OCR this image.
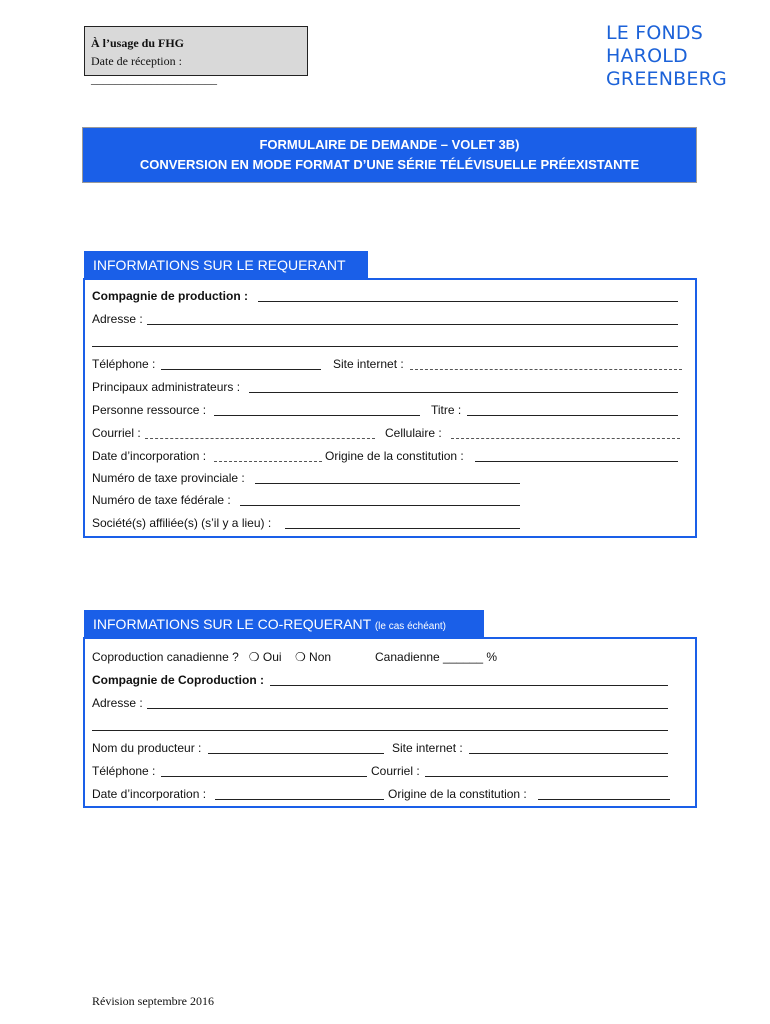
À l’usage du FHG
Date de réception : _____________________
LE FONDS
HAROLD
GREENBERG
FORMULAIRE DE DEMANDE – VOLET 3B)
CONVERSION EN MODE FORMAT D’UNE SÉRIE TÉLÉVISUELLE PRÉEXISTANTE
INFORMATIONS SUR LE REQUERANT
Compagnie de production :
Adresse :
Téléphone :	Site internet :
Principaux administrateurs :
Personne ressource :	Titre :
Courriel :	Cellulaire :
Date d’incorporation :	Origine de la constitution :
Numéro de taxe provinciale :
Numéro de taxe fédérale :
Société(s) affiliée(s) (s’il y a lieu) :
INFORMATIONS SUR LE CO-REQUERANT (le cas échéant)
Coproduction canadienne ? ❍ Oui ❍ Non	Canadienne ______ %
Compagnie de Coproduction :
Adresse :
Nom du producteur :	Site internet :
Téléphone :	Courriel :
Date d’incorporation :	Origine de la constitution :
Révision septembre 2016
